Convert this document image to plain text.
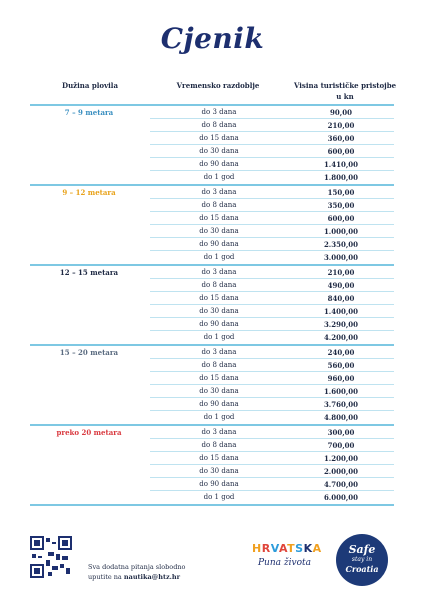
Cjenik
Dužina plovila	Vremensko razdoblje	Visina turističke pristojbe
u kn
7 – 9 metara	do 3 dana	90,00
do 8 dana	210,00
do 15 dana	360,00
do 30 dana	600,00
do 90 dana	1.410,00
do 1 god	1.800,00
9 – 12 metara	do 3 dana	150,00
do 8 dana	350,00
do 15 dana	600,00
do 30 dana	1.000,00
do 90 dana	2.350,00
do 1 god	3.000,00
12 – 15 metara	do 3 dana	210,00
do 8 dana	490,00
do 15 dana	840,00
do 30 dana	1.400,00
do 90 dana	3.290,00
do 1 god	4.200,00
15 – 20 metara	do 3 dana	240,00
do 8 dana	560,00
do 15 dana	960,00
do 30 dana	1.600,00
do 90 dana	3.760,00
do 1 god	4.800,00
preko 20 metara	do 3 dana	300,00
do 8 dana	700,00
do 15 dana	1.200,00
do 30 dana	2.000,00
do 90 dana	4.700,00
do 1 god	6.000,00
Sva dodatna pitanja slobodno
uputite na nautika@htz.hr
HRVATSKA
Puna života
Safe
stay in
Croatia
